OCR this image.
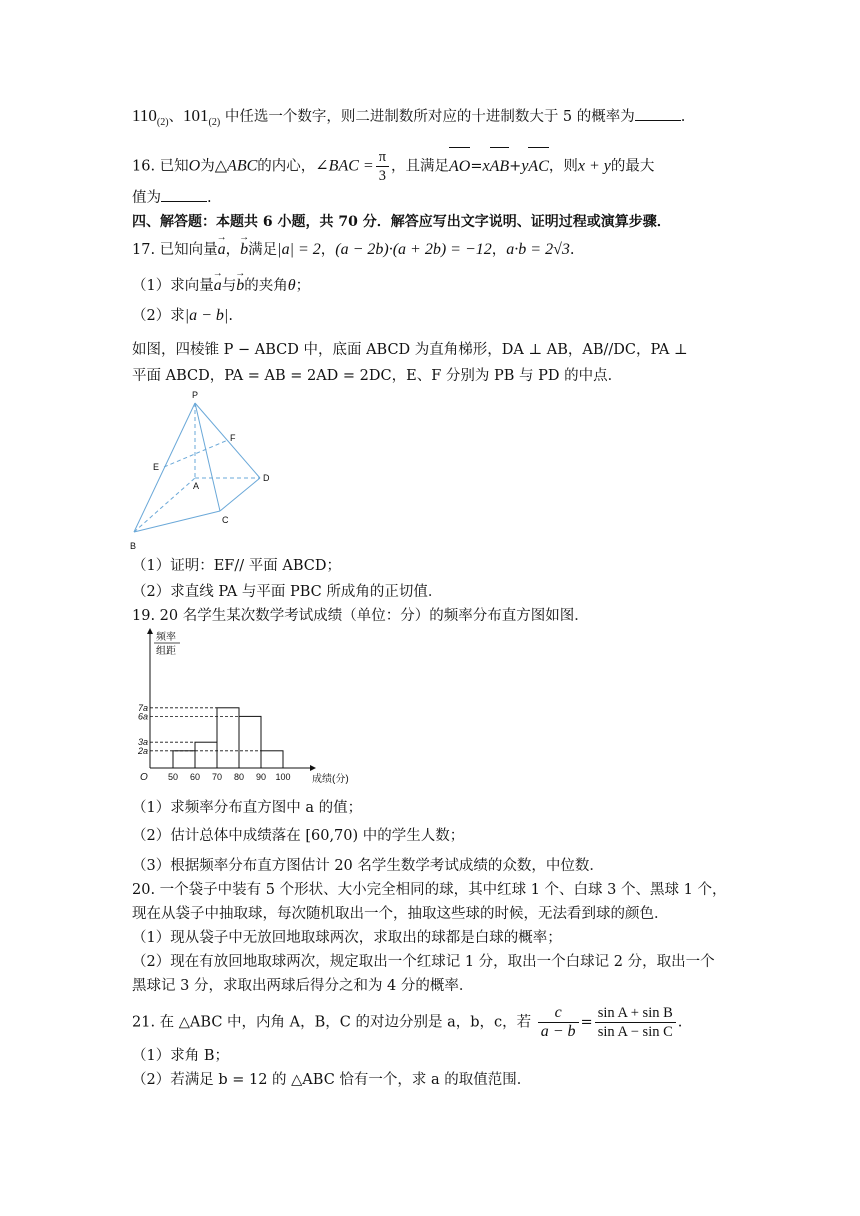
$110_{(2)}$、$101_{(2)}$ 中任选一个数字，则二进制数所对应的十进制数大于 5 的概率为	.
16. 已知O为△ABC的内心，∠BAC = $\frac{\pi}{3}$ ，且满足AO=xAB+yAC，则x + y的最大
值为	.
四、解答题：本题共 6 小题，共 70 分．解答应写出文字说明、证明过程或演算步骤．
17. 已知向量a →，b →满足|a| = 2，(a − 2b)·(a + 2b) = −12，a·b = 2√3.
（1）求向量a →与b →的夹角θ；
（2）求|a − b|.
如图，四棱锥 P − ABCD 中，底面 ABCD 为直角梯形，DA ⊥ AB，AB//DC，PA ⊥
平面 ABCD，PA = AB = 2AD = 2DC，E、F 分别为 PB 与 PD 的中点．
P
F
E
A
D
C
B
（1）证明：EF// 平面 ABCD；
（2）求直线 PA 与平面 PBC 所成角的正切值．
19. 20 名学生某次数学考试成绩（单位：分）的频率分布直方图如图．
2a
3a
6a
7a
50 60 70 80 90 100
O	成绩(分)
频率
组距
（1）求频率分布直方图中 a 的值；
（2）估计总体中成绩落在 [60,70) 中的学生人数；
（3）根据频率分布直方图估计 20 名学生数学考试成绩的众数，中位数．
20. 一个袋子中装有 5 个形状、大小完全相同的球，其中红球 1 个、白球 3 个、黑球 1 个，
现在从袋子中抽取球，每次随机取出一个，抽取这些球的时候，无法看到球的颜色．
（1）现从袋子中无放回地取球两次，求取出的球都是白球的概率；
（2）现在有放回地取球两次，规定取出一个红球记 1 分，取出一个白球记 2 分，取出一个
黑球记 3 分，求取出两球后得分之和为 4 分的概率．
21. 在 △ABC 中，内角 A，B，C 的对边分别是 a，b，c，若 $\frac{c}{a - b} = \frac{\text{sin A + sin B}}{\text{sin A − sin C}}$ .
（1）求角 B；
（2）若满足 b = 12 的 △ABC 恰有一个，求 a 的取值范围．
